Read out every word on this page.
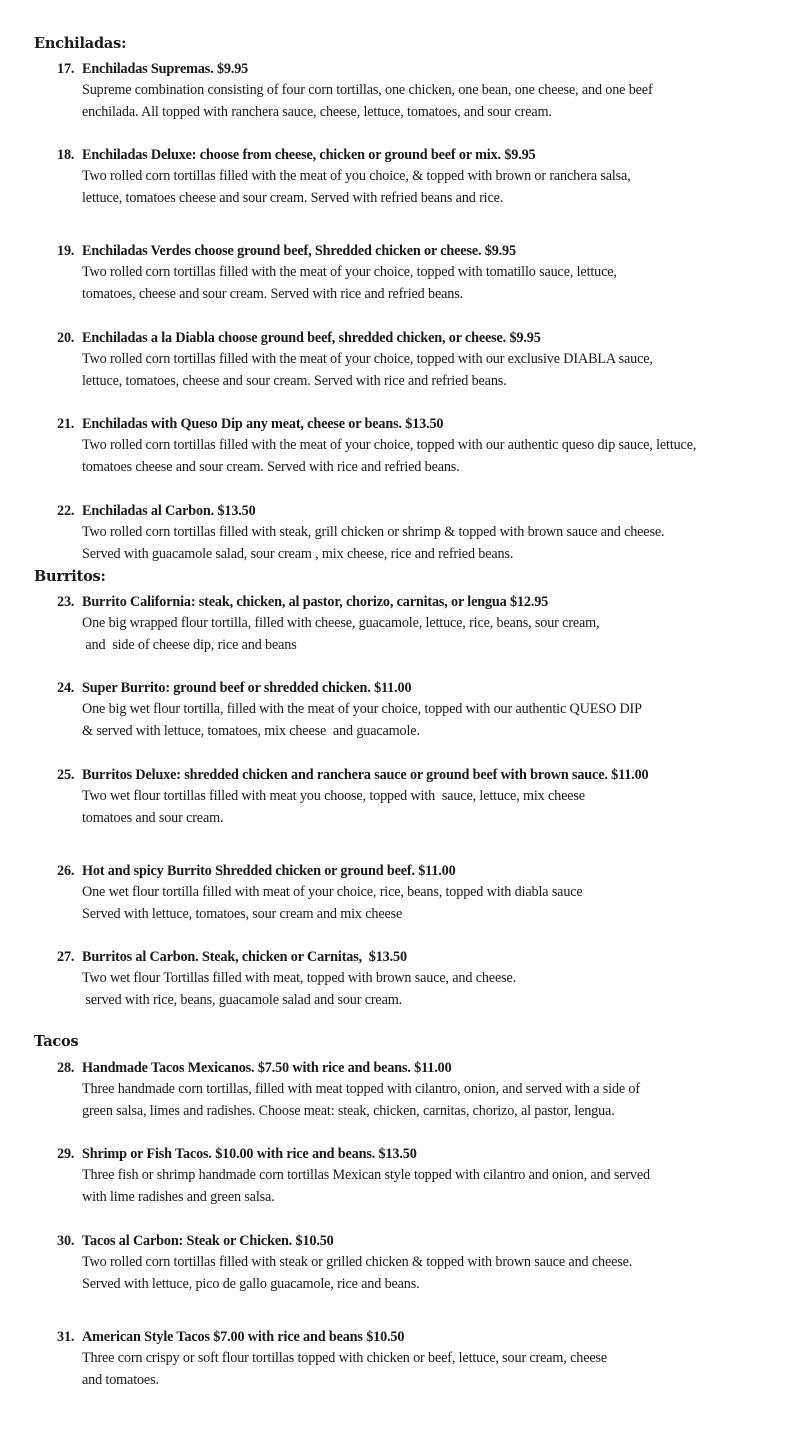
Enchiladas:
17. Enchiladas Supremas. $9.95
Supreme combination consisting of four corn tortillas, one chicken, one bean, one cheese, and one beef
enchilada. All topped with ranchera sauce, cheese, lettuce, tomatoes, and sour cream.
18. Enchiladas Deluxe: choose from cheese, chicken or ground beef or mix. $9.95
Two rolled corn tortillas filled with the meat of you choice, & topped with brown or ranchera salsa,
lettuce, tomatoes cheese and sour cream. Served with refried beans and rice.
19. Enchiladas Verdes choose ground beef, Shredded chicken or cheese. $9.95
Two rolled corn tortillas filled with the meat of your choice, topped with tomatillo sauce, lettuce,
tomatoes, cheese and sour cream. Served with rice and refried beans.
20. Enchiladas a la Diabla choose ground beef, shredded chicken, or cheese. $9.95
Two rolled corn tortillas filled with the meat of your choice, topped with our exclusive DIABLA sauce,
lettuce, tomatoes, cheese and sour cream. Served with rice and refried beans.
21. Enchiladas with Queso Dip any meat, cheese or beans. $13.50
Two rolled corn tortillas filled with the meat of your choice, topped with our authentic queso dip sauce, lettuce,
tomatoes cheese and sour cream. Served with rice and refried beans.
22. Enchiladas al Carbon. $13.50
Two rolled corn tortillas filled with steak, grill chicken or shrimp & topped with brown sauce and cheese.
Served with guacamole salad, sour cream , mix cheese, rice and refried beans.
Burritos:
23. Burrito California: steak, chicken, al pastor, chorizo, carnitas, or lengua $12.95
One big wrapped flour tortilla, filled with cheese, guacamole, lettuce, rice, beans, sour cream,
and  side of cheese dip, rice and beans
24. Super Burrito: ground beef or shredded chicken. $11.00
One big wet flour tortilla, filled with the meat of your choice, topped with our authentic QUESO DIP
& served with lettuce, tomatoes, mix cheese  and guacamole.
25. Burritos Deluxe: shredded chicken and ranchera sauce or ground beef with brown sauce. $11.00
Two wet flour tortillas filled with meat you choose, topped with  sauce, lettuce, mix cheese
tomatoes and sour cream.
26. Hot and spicy Burrito Shredded chicken or ground beef. $11.00
One wet flour tortilla filled with meat of your choice, rice, beans, topped with diabla sauce
Served with lettuce, tomatoes, sour cream and mix cheese
27. Burritos al Carbon. Steak, chicken or Carnitas,  $13.50
Two wet flour Tortillas filled with meat, topped with brown sauce, and cheese.
served with rice, beans, guacamole salad and sour cream.
Tacos
28. Handmade Tacos Mexicanos. $7.50 with rice and beans. $11.00
Three handmade corn tortillas, filled with meat topped with cilantro, onion, and served with a side of
green salsa, limes and radishes. Choose meat: steak, chicken, carnitas, chorizo, al pastor, lengua.
29. Shrimp or Fish Tacos. $10.00 with rice and beans. $13.50
Three fish or shrimp handmade corn tortillas Mexican style topped with cilantro and onion, and served
with lime radishes and green salsa.
30. Tacos al Carbon: Steak or Chicken. $10.50
Two rolled corn tortillas filled with steak or grilled chicken & topped with brown sauce and cheese.
Served with lettuce, pico de gallo guacamole, rice and beans.
31. American Style Tacos $7.00 with rice and beans $10.50
Three corn crispy or soft flour tortillas topped with chicken or beef, lettuce, sour cream, cheese
and tomatoes.
